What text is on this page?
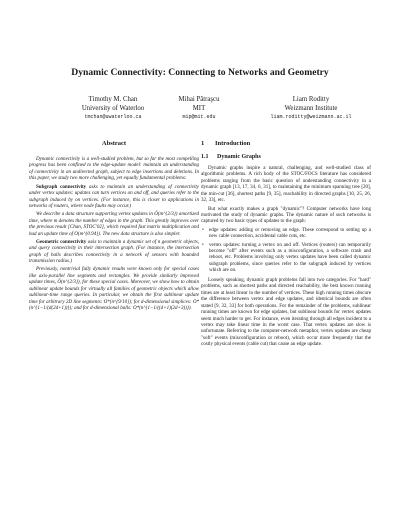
Dynamic Connectivity: Connecting to Networks and Geometry
Timothy M. Chan
University of Waterloo
tmchan@uwaterloo.ca
Mihai Pătraşcu
MIT
mip@mit.edu
Liam Roditty
Weizmann Institute
liam.roditty@weizmann.ac.il
Abstract

Dynamic connectivity is a well-studied problem, but so far the most compelling progress has been confined to the edge-update model: maintain an understanding of connectivity in an undirected graph, subject to edge insertions and deletions. In this paper, we study two more challenging, yet equally fundamental problems:

Subgraph connectivity asks to maintain an understanding of connectivity under vertex updates: updates can turn vertices on and off, and queries refer to the subgraph induced by on vertices. (For instance, this is closer to applications in networks of routers, where node faults may occur.)

We describe a data structure supporting vertex updates in Õ(m^{2/3}) amortized time, where m denotes the number of edges in the graph. This greatly improves over the previous result [Chan, STOC'02], which required fast matrix multiplication and had an update time of O(m^{0.94}). The new data structure is also simpler.

Geometric connectivity asks to maintain a dynamic set of n geometric objects, and query connectivity in their intersection graph. (For instance, the intersection graph of balls describes connectivity in a network of sensors with bounded transmission radius.)

Previously, nontrivial fully dynamic results were known only for special cases like axis-parallel line segments and rectangles. We provide similarly improved update times, Õ(n^{2/3}), for these special cases. Moreover, we show how to obtain sublinear update bounds for virtually all families of geometric objects which allow sublinear-time range queries. In particular, we obtain the first sublinear update time for arbitrary 2D line segments: O*(n^{9/10}); for d-dimensional simplices: O*(n^{1−1/(d(2d+1))}); and for d-dimensional balls: O*(n^{1−1/((d+1)(2d+3))}).

1 Introduction
1.1 Dynamic Graphs

Dynamic graphs inspire a natural, challenging, and well-studied class of algorithmic problems. A rich body of the STOC/FOCS literature has considered problems ranging from the basic question of understanding connectivity in a dynamic graph [13, 17, 34, 6, 31], to maintaining the minimum spanning tree [20], the min-cut [36], shortest paths [9, 35], reachability in directed graphs [10, 25, 26, 32, 33], etc.

But what exactly makes a graph "dynamic"? Computer networks have long motivated the study of dynamic graphs. The dynamic nature of such networks is captured by two basic types of updates to the graph:

• edge updates: adding or removing an edge. These correspond to setting up a new cable connection, accidental cable cuts, etc.
• vertex updates: turning a vertex on and off. Vertices (routers) can temporarily become "off" after events such as a misconfiguration, a software crash and reboot, etc. Problems involving only vertex updates have been called dynamic subgraph problems, since queries refer to the subgraph induced by vertices which are on.

Loosely speaking, dynamic graph problems fall into two categories. For "hard" problems, such as shortest paths and directed reachability, the best known running times are at least linear in the number of vertices. These high running times obscure the difference between vertex and edge updates, and identical bounds are often stated [9, 32, 33] for both operations. For the remainder of the problems, sublinear running times are known for edge updates, but sublinear bounds for vertex updates seem much harder to get. For instance, even iterating through all edges incident to a vertex may take linear time in the worst case. That vertex updates are slow is unfortunate. Referring to the computer-network metaphor, vertex updates are cheap "soft" events (misconfiguration or reboot), which occur more frequently that the costly physical events (cable cut) that cause an edge update.
